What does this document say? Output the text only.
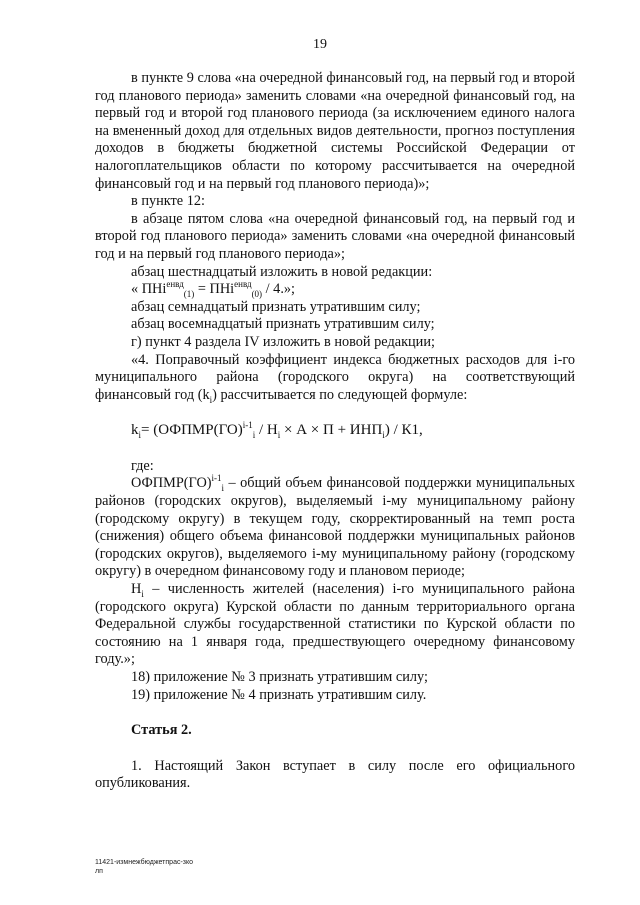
19

в пункте 9 слова «на очередной финансовый год, на первый год и второй год планового периода» заменить словами «на очередной финансовый год, на первый год и второй год планового периода (за исключением единого налога на вмененный доход для отдельных видов деятельности, прогноз поступления доходов в бюджеты бюджетной системы Российской Федерации от налогоплательщиков области по которому рассчитывается на очередной финансовый год и на первый год планового периода)»;

в пункте 12:

в абзаце пятом слова «на очередной финансовый год, на первый год и второй год планового периода» заменить словами «на очередной финансовый год и на первый год планового периода»;

абзац шестнадцатый изложить в новой редакции:

« ПНi$^{енвд}_{(1)}$ = ПНi$^{енвд}_{(0)}$ / 4.»;

абзац семнадцатый признать утратившим силу;

абзац восемнадцатый признать утратившим силу;

г) пункт 4 раздела IV изложить в новой редакции;

«4. Поправочный коэффициент индекса бюджетных расходов для i-го муниципального района (городского округа) на соответствующий финансовый год $(k_i)$ рассчитывается по следующей формуле:

$k_i=$ (ОФПМР(ГО)$^{i-1}_i$ / $Н_i \times А \times П + ИНП_i) / К1$,

где:

ОФПМР(ГО)$^{i-1}_i$ – общий объем финансовой поддержки муниципальных районов (городских округов), выделяемый i-му муниципальному району (городскому округу) в текущем году, скорректированный на темп роста (снижения) общего объема финансовой поддержки муниципальных районов (городских округов), выделяемого i-му муниципальному району (городскому округу) в очередном финансовому году и плановом периоде;

$Н_i$ – численность жителей (населения) i-го муниципального района (городского округа) Курской области по данным территориального органа Федеральной службы государственной статистики по Курской области по состоянию на 1 января года, предшествующего очередному финансовому году.»;

18) приложение № 3 признать утратившим силу;

19) приложение № 4 признать утратившим силу.

Статья 2.

1. Настоящий Закон вступает в силу после его официального опубликования.

11421-измнежбюджетпрас-зко
лп
